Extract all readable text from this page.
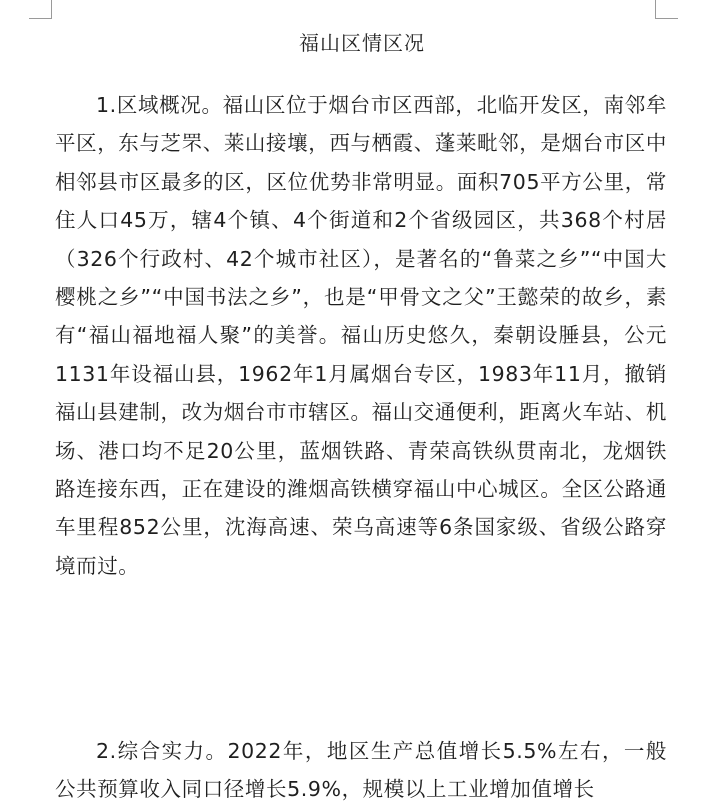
福山区情区况

1.区域概况。福山区位于烟台市区西部，北临开发区，南邻牟平区，东与芝罘、莱山接壤，西与栖霞、蓬莱毗邻，是烟台市区中相邻县市区最多的区，区位优势非常明显。面积705平方公里，常住人口45万，辖4个镇、4个街道和2个省级园区，共368个村居（326个行政村、42个城市社区），是著名的“鲁菜之乡”“中国大樱桃之乡”“中国书法之乡”，也是“甲骨文之父”王懿荣的故乡，素有“福山福地福人聚”的美誉。福山历史悠久，秦朝设腄县，公元1131年设福山县，1962年1月属烟台专区，1983年11月，撤销福山县建制，改为烟台市市辖区。福山交通便利，距离火车站、机场、港口均不足20公里，蓝烟铁路、青荣高铁纵贯南北，龙烟铁路连接东西，正在建设的潍烟高铁横穿福山中心城区。全区公路通车里程852公里，沈海高速、荣乌高速等6条国家级、省级公路穿境而过。

2.综合实力。2022年，地区生产总值增长5.5%左右，一般公共预算收入同口径增长5.9%，规模以上工业增加值增长
